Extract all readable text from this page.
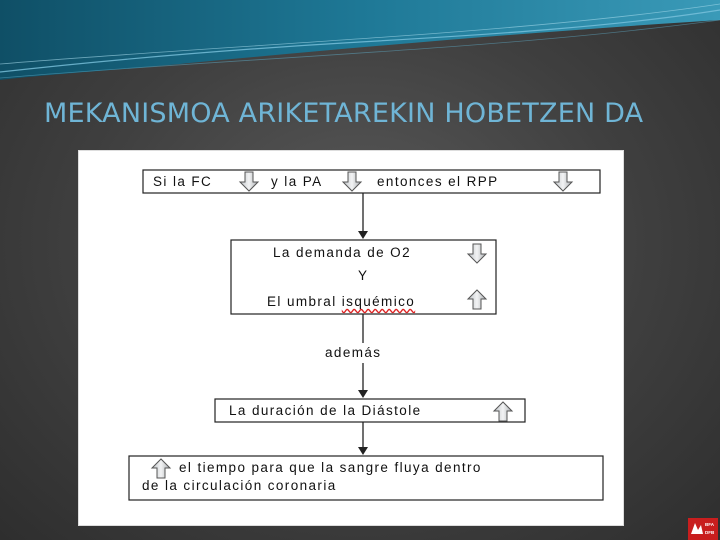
MEKANISMOA ARIKETAREKIN HOBETZEN DA
Si la FC	y la PA	entonces el RPP
La demanda de O2
Y
El umbral isquémico
además
La duración de la Diástole
el tiempo para que la sangre fluya dentro
de la circulación coronaria
BFA
DFB
